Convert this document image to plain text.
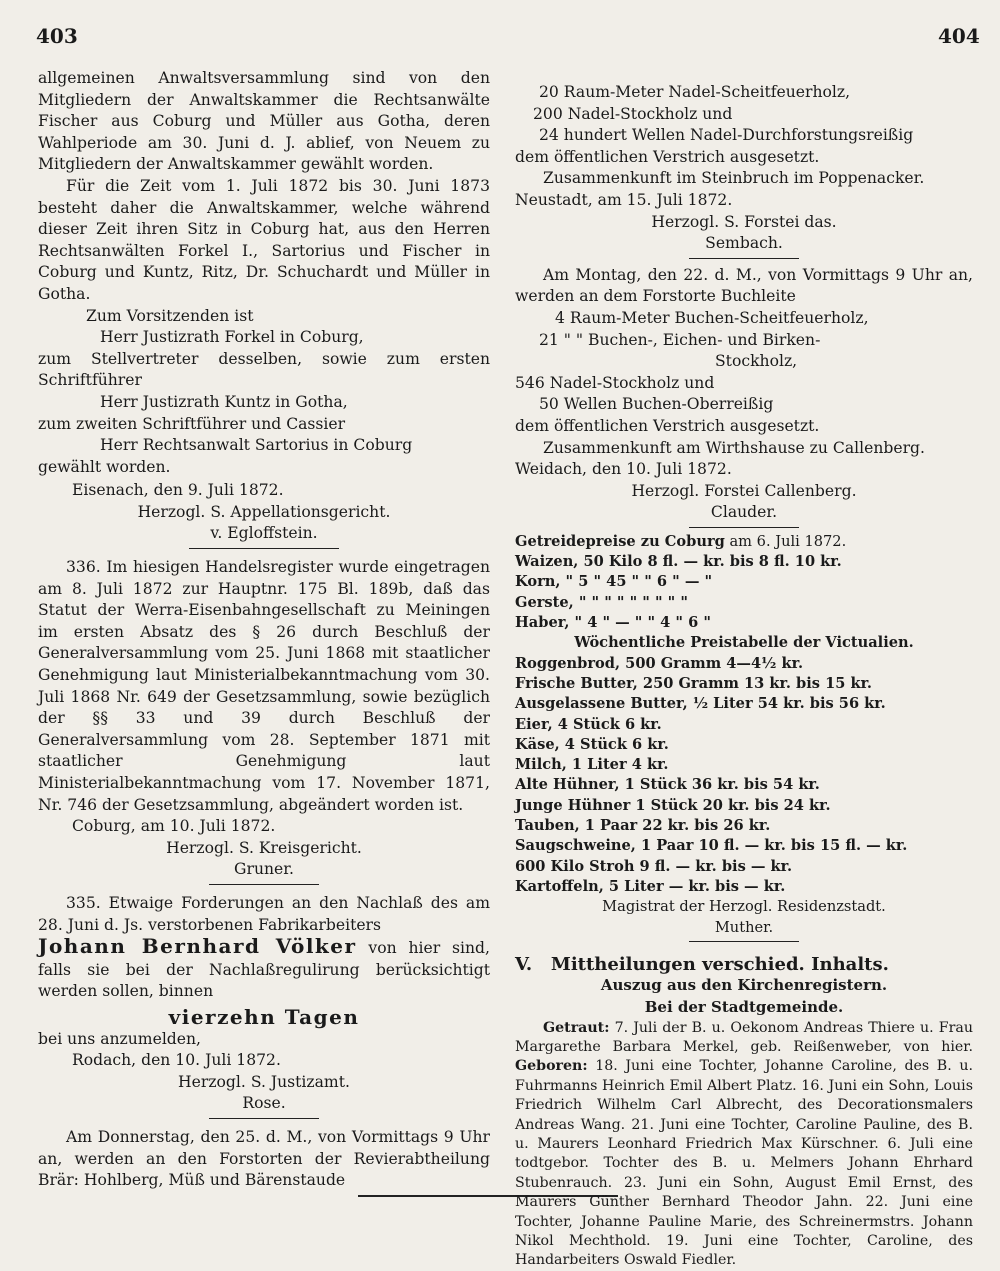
403	404

allgemeinen Anwaltsversammlung sind von den Mitgliedern der Anwaltskammer die Rechtsanwälte Fischer aus Coburg und Müller aus Gotha, deren Wahlperiode am 30. Juni d. J. ablief, von Neuem zu Mitgliedern der Anwaltskammer gewählt worden.

Für die Zeit vom 1. Juli 1872 bis 30. Juni 1873 besteht daher die Anwaltskammer, welche während dieser Zeit ihren Sitz in Coburg hat, aus den Herren Rechtsanwälten Forkel I., Sartorius und Fischer in Coburg und Kuntz, Ritz, Dr. Schuchardt und Müller in Gotha.

Zum Vorsitzenden ist

Herr Justizrath Forkel in Coburg,

zum Stellvertreter desselben, sowie zum ersten Schriftführer

Herr Justizrath Kuntz in Gotha,

zum zweiten Schriftführer und Cassier

Herr Rechtsanwalt Sartorius in Coburg

gewählt worden.

Eisenach, den 9. Juli 1872.

Herzogl. S. Appellationsgericht.

v. Egloffstein.

336. Im hiesigen Handelsregister wurde eingetragen am 8. Juli 1872 zur Hauptnr. 175 Bl. 189b, daß das Statut der Werra-Eisenbahngesellschaft zu Meiningen im ersten Absatz des § 26 durch Beschluß der Generalversammlung vom 25. Juni 1868 mit staatlicher Genehmigung laut Ministerialbekanntmachung vom 30. Juli 1868 Nr. 649 der Gesetzsammlung, sowie bezüglich der §§ 33 und 39 durch Beschluß der Generalversammlung vom 28. September 1871 mit staatlicher Genehmigung laut Ministerialbekanntmachung vom 17. November 1871, Nr. 746 der Gesetzsammlung, abgeändert worden ist.

Coburg, am 10. Juli 1872.

Herzogl. S. Kreisgericht.

Gruner.

335. Etwaige Forderungen an den Nachlaß des am 28. Juni d. Js. verstorbenen Fabrikarbeiters

Johann Bernhard Völker von hier sind, falls sie bei der Nachlaßregulirung berücksichtigt werden sollen, binnen

vierzehn Tagen

bei uns anzumelden,

Rodach, den 10. Juli 1872.

Herzogl. S. Justizamt.

Rose.

Am Donnerstag, den 25. d. M., von Vormittags 9 Uhr an, werden an den Forstorten der Revierabtheilung Brär: Hohlberg, Müß und Bärenstaude

20 Raum-Meter Nadel-Scheitfeuerholz,

200 Nadel-Stockholz und

24 hundert Wellen Nadel-Durchforstungsreißig

dem öffentlichen Verstrich ausgesetzt.

Zusammenkunft im Steinbruch im Poppenacker.

Neustadt, am 15. Juli 1872.

Herzogl. S. Forstei das.

Sembach.

Am Montag, den 22. d. M., von Vormittags 9 Uhr an, werden an dem Forstorte Buchleite

4 Raum-Meter Buchen-Scheitfeuerholz,

21 " " Buchen-, Eichen- und Birken-

Stockholz,

546 Nadel-Stockholz und

50 Wellen Buchen-Oberreißig

dem öffentlichen Verstrich ausgesetzt.

Zusammenkunft am Wirthshause zu Callenberg.

Weidach, den 10. Juli 1872.

Herzogl. Forstei Callenberg.

Clauder.

Getreidepreise zu Coburg am 6. Juli 1872.

Waizen, 50 Kilo 8 fl. — kr. bis 8 fl. 10 kr.

Korn, " 5 " 45 " " 6 " — "

Gerste, " " " " " " " " "

Haber, " 4 " — " " 4 " 6 "

Wöchentliche Preistabelle der Victualien.

Roggenbrod, 500 Gramm 4—4½ kr.

Frische Butter, 250 Gramm 13 kr. bis 15 kr.

Ausgelassene Butter, ½ Liter 54 kr. bis 56 kr.

Eier, 4 Stück 6 kr.

Käse, 4 Stück 6 kr.

Milch, 1 Liter 4 kr.

Alte Hühner, 1 Stück 36 kr. bis 54 kr.

Junge Hühner 1 Stück 20 kr. bis 24 kr.

Tauben, 1 Paar 22 kr. bis 26 kr.

Saugschweine, 1 Paar 10 fl. — kr. bis 15 fl. — kr.

600 Kilo Stroh 9 fl. — kr. bis — kr.

Kartoffeln, 5 Liter — kr. bis — kr.

Magistrat der Herzogl. Residenzstadt.

Muther.

V. Mittheilungen verschied. Inhalts.

Auszug aus den Kirchenregistern.

Bei der Stadtgemeinde.

Getraut: 7. Juli der B. u. Oekonom Andreas Thiere u. Frau Margarethe Barbara Merkel, geb. Reißenweber, von hier. Geboren: 18. Juni eine Tochter, Johanne Caroline, des B. u. Fuhrmanns Heinrich Emil Albert Platz. 16. Juni ein Sohn, Louis Friedrich Wilhelm Carl Albrecht, des Decorationsmalers Andreas Wang. 21. Juni eine Tochter, Caroline Pauline, des B. u. Maurers Leonhard Friedrich Max Kürschner. 6. Juli eine todtgebor. Tochter des B. u. Melmers Johann Ehrhard Stubenrauch. 23. Juni ein Sohn, August Emil Ernst, des Maurers Günther Bernhard Theodor Jahn. 22. Juni eine Tochter, Johanne Pauline Marie, des Schreinermstrs. Johann Nikol Mechthold. 19. Juni eine Tochter, Caroline, des Handarbeiters Oswald Fiedler.
